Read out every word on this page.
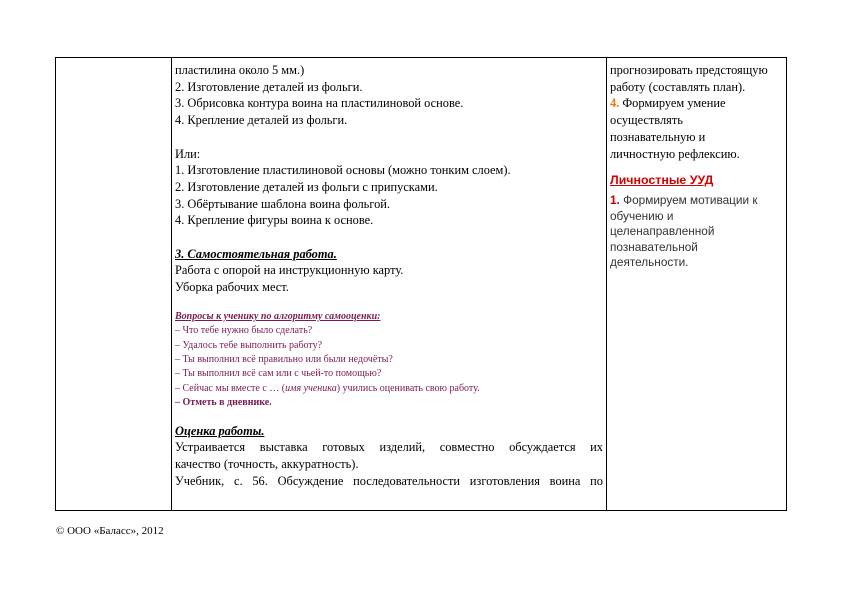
пластилина около 5 мм.)
2. Изготовление деталей из фольги.
3. Обрисовка контура воина на пластилиновой основе.
4. Крепление деталей из фольги.
Или:
1. Изготовление пластилиновой основы (можно тонким слоем).
2. Изготовление деталей из фольги с припусками.
3. Обёртывание шаблона воина фольгой.
4. Крепление фигуры воина к основе.
3. Самостоятельная работа.
Работа с опорой на инструкционную карту.
Уборка рабочих мест.
Вопросы к ученику по алгоритму самооценки:
– Что тебе нужно было сделать?
– Удалось тебе выполнить работу?
– Ты выполнил всё правильно или были недочёты?
– Ты выполнил всё сам или с чьей-то помощью?
– Сейчас мы вместе с … (имя ученика) учились оценивать свою работу.
– Отметь в дневнике.
Оценка работы.
Устраивается выставка готовых изделий, совместно обсуждается их
качество (точность, аккуратность).
Учебник, с. 56. Обсуждение последовательности изготовления воина по
прогнозировать предстоящую
работу (составлять план).
4. Формируем умение
осуществлять
познавательную и
личностную рефлексию.
Личностные УУД
1. Формируем мотивации к
обучению и
целенаправленной
познавательной
деятельности.
© ООО «Баласс», 2012
